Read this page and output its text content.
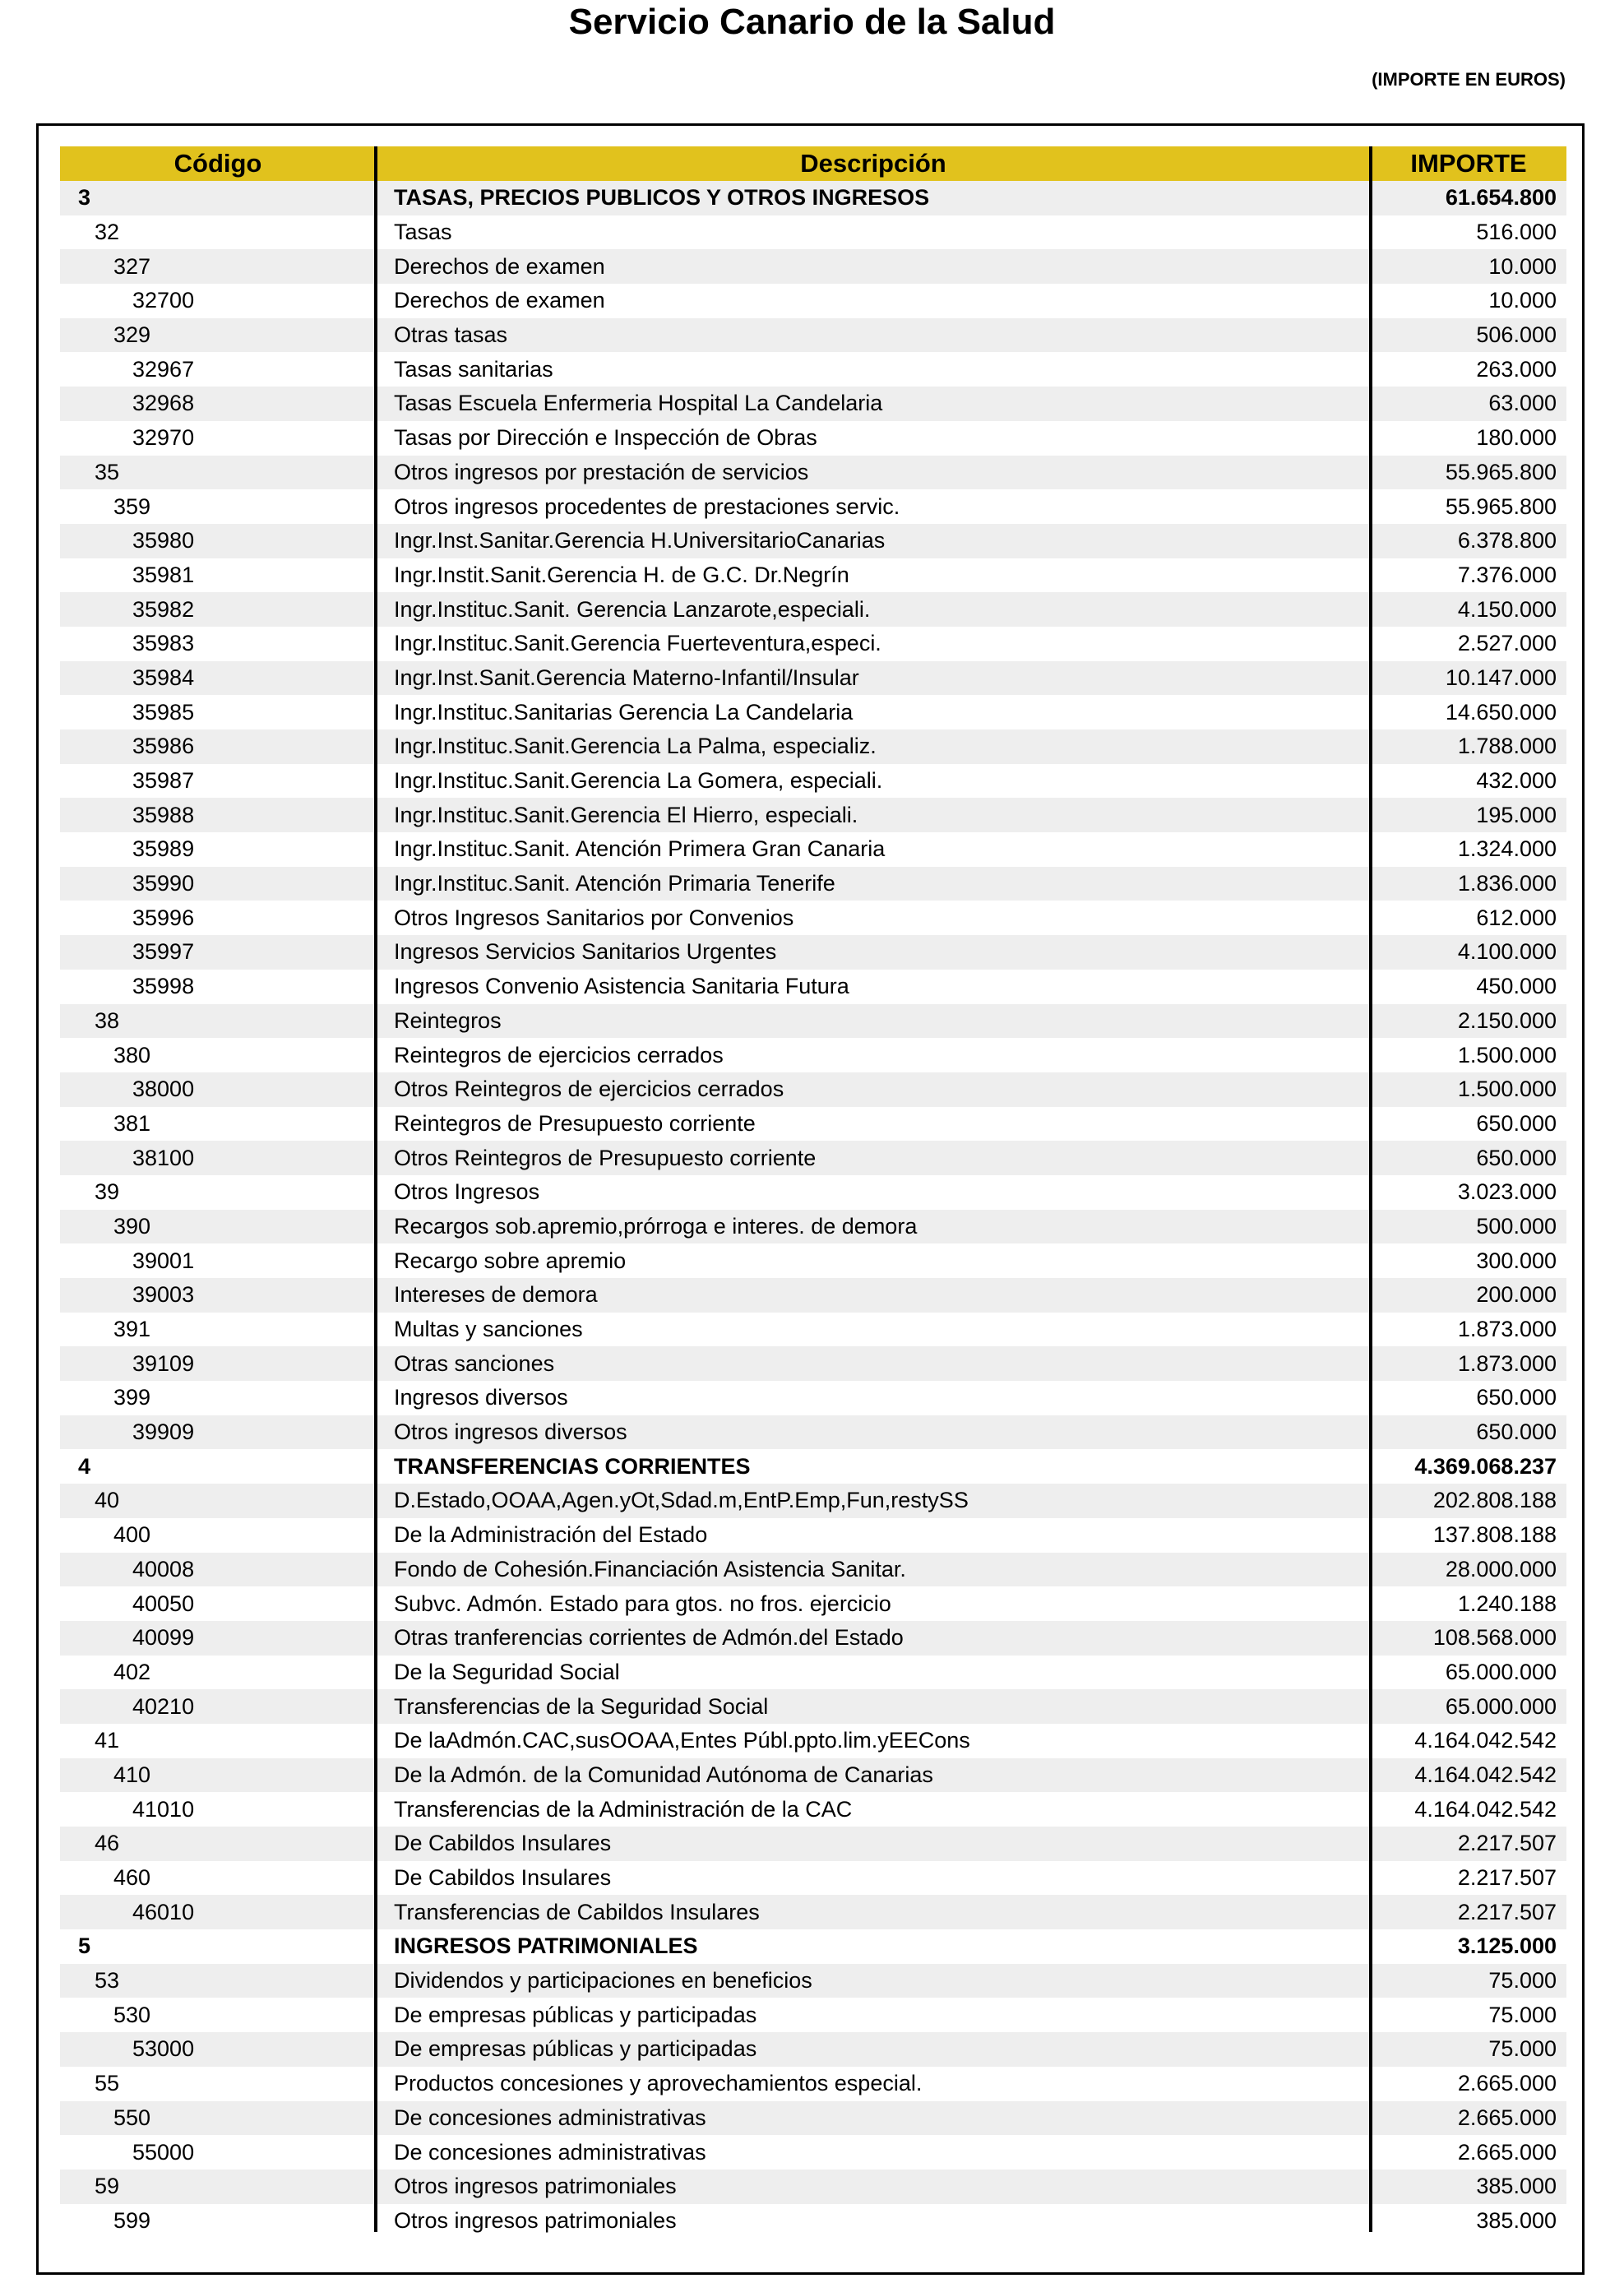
Servicio Canario de la Salud
(IMPORTE EN EUROS)
Código	Descripción	IMPORTE
3	TASAS, PRECIOS PUBLICOS Y OTROS INGRESOS	61.654.800
32	Tasas	516.000
327	Derechos de examen	10.000
32700	Derechos de examen	10.000
329	Otras tasas	506.000
32967	Tasas sanitarias	263.000
32968	Tasas Escuela Enfermeria Hospital La Candelaria	63.000
32970	Tasas por Dirección e Inspección de Obras	180.000
35	Otros ingresos por prestación de servicios	55.965.800
359	Otros ingresos procedentes de prestaciones servic.	55.965.800
35980	Ingr.Inst.Sanitar.Gerencia H.UniversitarioCanarias	6.378.800
35981	Ingr.Instit.Sanit.Gerencia H. de G.C. Dr.Negrín	7.376.000
35982	Ingr.Instituc.Sanit. Gerencia Lanzarote,especiali.	4.150.000
35983	Ingr.Instituc.Sanit.Gerencia Fuerteventura,especi.	2.527.000
35984	Ingr.Inst.Sanit.Gerencia Materno-Infantil/Insular	10.147.000
35985	Ingr.Instituc.Sanitarias Gerencia La Candelaria	14.650.000
35986	Ingr.Instituc.Sanit.Gerencia La Palma, especializ.	1.788.000
35987	Ingr.Instituc.Sanit.Gerencia La Gomera, especiali.	432.000
35988	Ingr.Instituc.Sanit.Gerencia El Hierro, especiali.	195.000
35989	Ingr.Instituc.Sanit. Atención Primera Gran Canaria	1.324.000
35990	Ingr.Instituc.Sanit. Atención Primaria Tenerife	1.836.000
35996	Otros Ingresos Sanitarios por Convenios	612.000
35997	Ingresos Servicios Sanitarios Urgentes	4.100.000
35998	Ingresos Convenio Asistencia Sanitaria Futura	450.000
38	Reintegros	2.150.000
380	Reintegros de ejercicios cerrados	1.500.000
38000	Otros Reintegros de ejercicios cerrados	1.500.000
381	Reintegros de Presupuesto corriente	650.000
38100	Otros Reintegros de Presupuesto corriente	650.000
39	Otros Ingresos	3.023.000
390	Recargos sob.apremio,prórroga e interes. de demora	500.000
39001	Recargo sobre apremio	300.000
39003	Intereses de demora	200.000
391	Multas y sanciones	1.873.000
39109	Otras sanciones	1.873.000
399	Ingresos diversos	650.000
39909	Otros ingresos diversos	650.000
4	TRANSFERENCIAS CORRIENTES	4.369.068.237
40	D.Estado,OOAA,Agen.yOt,Sdad.m,EntP.Emp,Fun,restySS	202.808.188
400	De la Administración del Estado	137.808.188
40008	Fondo de Cohesión.Financiación Asistencia Sanitar.	28.000.000
40050	Subvc. Admón. Estado para gtos. no fros. ejercicio	1.240.188
40099	Otras tranferencias corrientes de Admón.del Estado	108.568.000
402	De la Seguridad Social	65.000.000
40210	Transferencias de la Seguridad Social	65.000.000
41	De laAdmón.CAC,susOOAA,Entes Públ.ppto.lim.yEECons	4.164.042.542
410	De la Admón. de la Comunidad Autónoma de Canarias	4.164.042.542
41010	Transferencias de la Administración de la CAC	4.164.042.542
46	De Cabildos Insulares	2.217.507
460	De Cabildos Insulares	2.217.507
46010	Transferencias de Cabildos Insulares	2.217.507
5	INGRESOS PATRIMONIALES	3.125.000
53	Dividendos y participaciones en beneficios	75.000
530	De empresas públicas y participadas	75.000
53000	De empresas públicas y participadas	75.000
55	Productos concesiones y aprovechamientos especial.	2.665.000
550	De concesiones administrativas	2.665.000
55000	De concesiones administrativas	2.665.000
59	Otros ingresos patrimoniales	385.000
599	Otros ingresos patrimoniales	385.000
